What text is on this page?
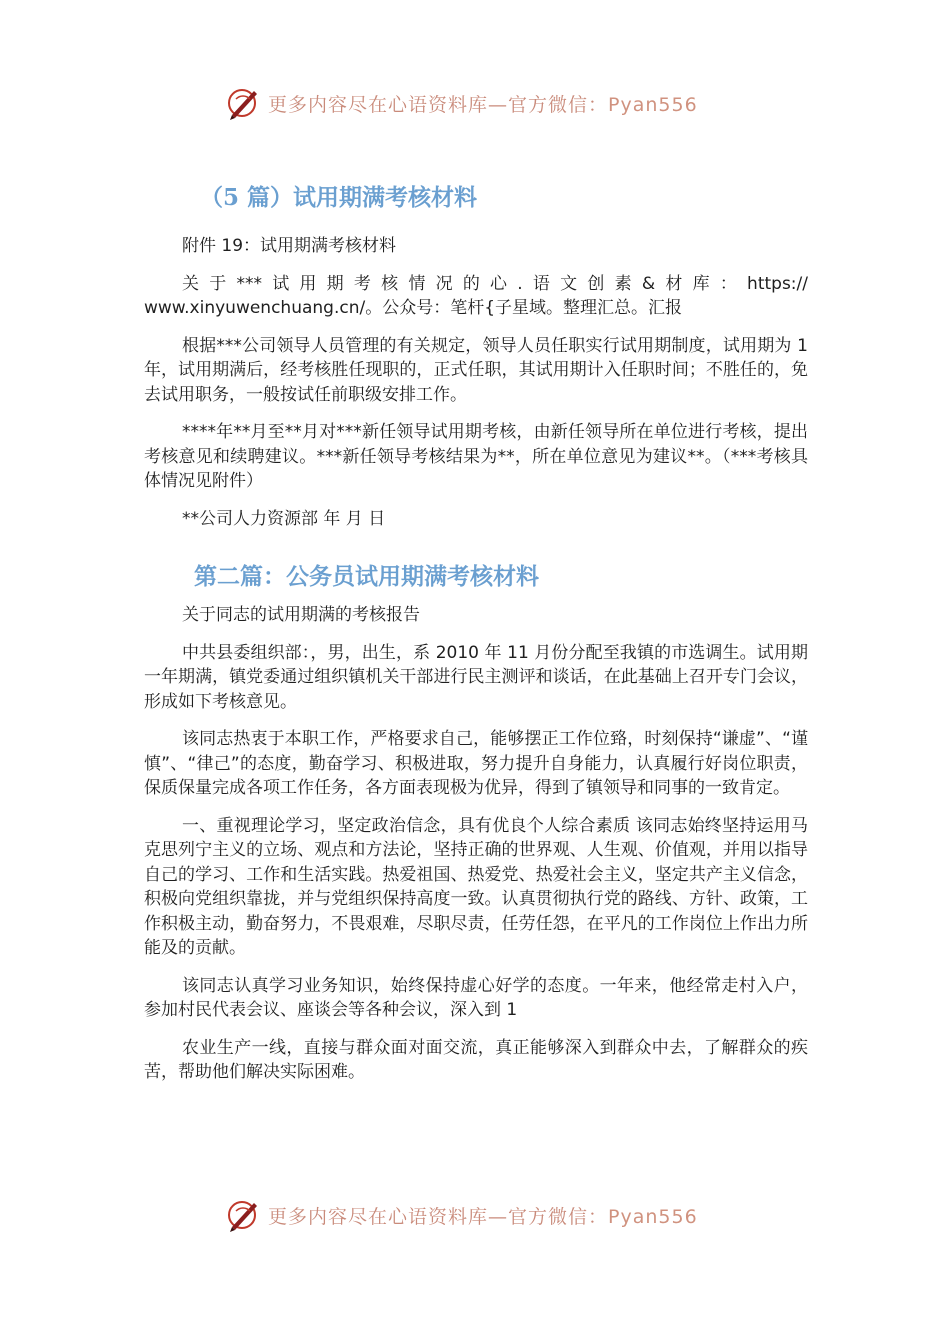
更多内容尽在心语资料库—官方微信：Pyan556
（5 篇）试用期满考核材料

附件 19：试用期满考核材料

关于***试用期考核情况的心.语文创素&材库：https:// www.xinyuwenchuang.cn/。公众号：笔杆{子星域。整理汇总。汇报

根据***公司领导人员管理的有关规定，领导人员任职实行试用期制度，试用期为 1 年，试用期满后，经考核胜任现职的，正式任职，其试用期计入任职时间；不胜任的，免去试用职务，一般按试任前职级安排工作。

****年**月至**月对***新任领导试用期考核，由新任领导所在单位进行考核，提出考核意见和续聘建议。***新任领导考核结果为**，所在单位意见为建议**。（***考核具体情况见附件）

**公司人力资源部 年 月 日

第二篇：公务员试用期满考核材料

关于同志的试用期满的考核报告

中共县委组织部：，男，出生，系 2010 年 11 月份分配至我镇的市选调生。试用期一年期满，镇党委通过组织镇机关干部进行民主测评和谈话，在此基础上召开专门会议，形成如下考核意见。

该同志热衷于本职工作，严格要求自己，能够摆正工作位臵，时刻保持“谦虚”、“谨慎”、“律己”的态度，勤奋学习、积极进取，努力提升自身能力，认真履行好岗位职责，保质保量完成各项工作任务，各方面表现极为优异，得到了镇领导和同事的一致肯定。

一、重视理论学习，坚定政治信念，具有优良个人综合素质 该同志始终坚持运用马克思列宁主义的立场、观点和方法论，坚持正确的世界观、人生观、价值观，并用以指导自己的学习、工作和生活实践。热爱祖国、热爱党、热爱社会主义，坚定共产主义信念，积极向党组织靠拢，并与党组织保持高度一致。认真贯彻执行党的路线、方针、政策，工作积极主动，勤奋努力，不畏艰难，尽职尽责，任劳任怨，在平凡的工作岗位上作出力所能及的贡献。

该同志认真学习业务知识，始终保持虚心好学的态度。一年来，他经常走村入户，参加村民代表会议、座谈会等各种会议，深入到 1

农业生产一线，直接与群众面对面交流，真正能够深入到群众中去，了解群众的疾苦，帮助他们解决实际困难。

更多内容尽在心语资料库—官方微信：Pyan556
